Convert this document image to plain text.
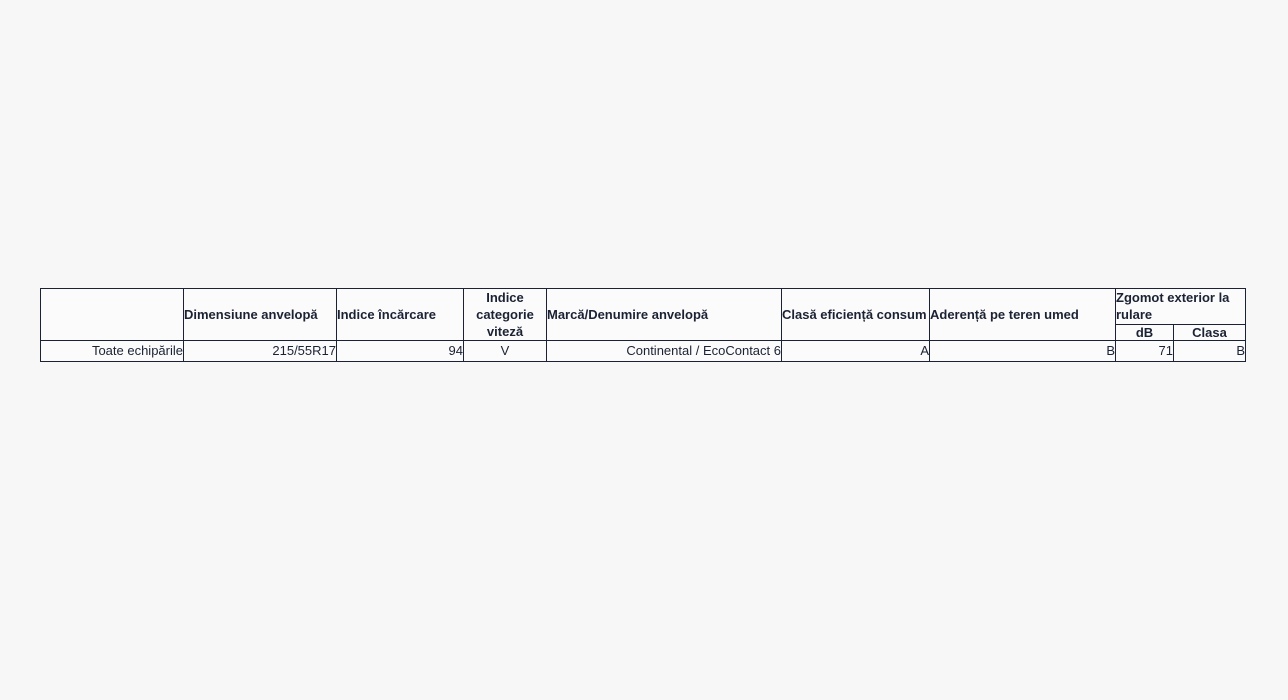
	Dimensiune anvelopă	Indice încărcare	Indice categorie viteză	Marcă/Denumire anvelopă	Clasă eficiență consum	Aderență pe teren umed	Zgomot exterior la rulare	
							dB	Clasa
Toate echipările	215/55R17	94	V	Continental / EcoContact 6	A	B	71	B
